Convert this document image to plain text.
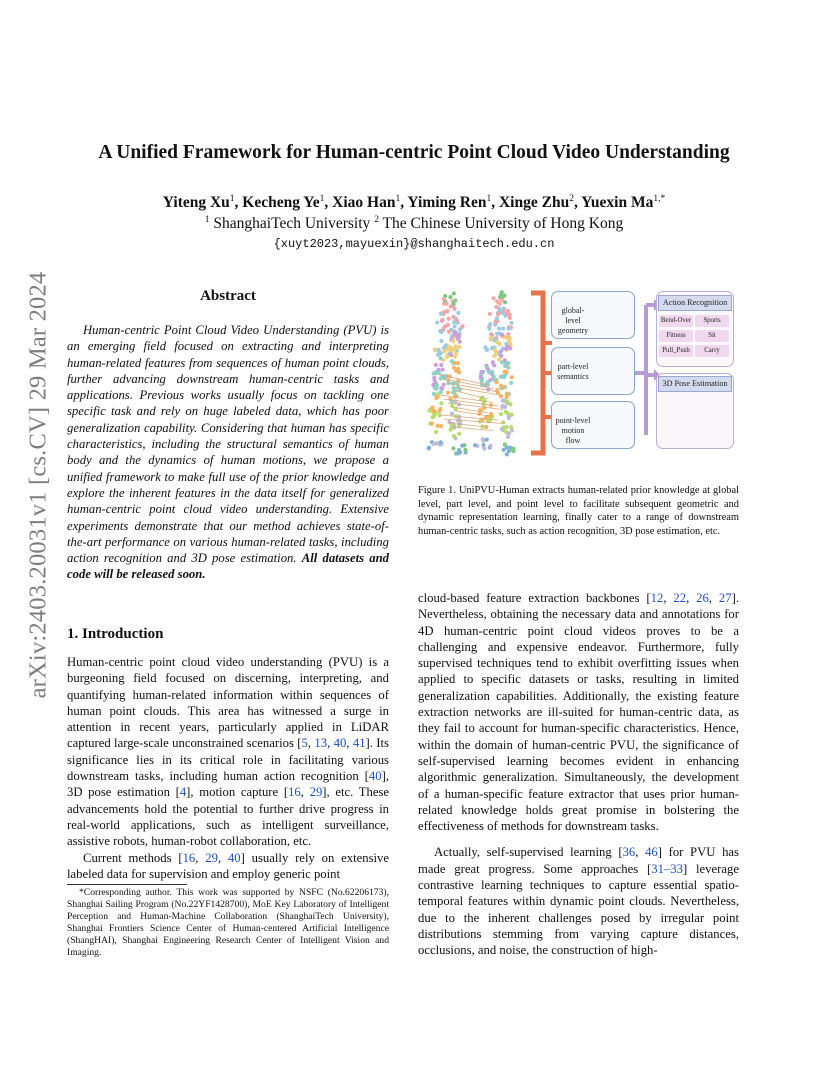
arXiv:2403.20031v1 [cs.CV] 29 Mar 2024
A Unified Framework for Human-centric Point Cloud Video Understanding
Yiteng Xu$^1$, Kecheng Ye$^1$, Xiao Han$^1$, Yiming Ren$^1$, Xinge Zhu$^2$, Yuexin $Ma^{1,*}$
$^1$ ShanghaiTech University $^2$ The Chinese University of Hong Kong
{xuyt2023,mayuexin}@shanghaitech.edu.cn
Abstract

Human-centric Point Cloud Video Understanding (PVU) is an emerging field focused on extracting and interpreting human-related features from sequences of human point clouds, further advancing downstream human-centric tasks and applications. Previous works usually focus on tackling one specific task and rely on huge labeled data, which has poor generalization capability. Considering that human has specific characteristics, including the structural semantics of human body and the dynamics of human motions, we propose a unified framework to make full use of the prior knowledge and explore the inherent features in the data itself for generalized human-centric point cloud video understanding. Extensive experiments demonstrate that our method achieves state-of-the-art performance on various human-related tasks, including action recognition and 3D pose estimation. All datasets and code will be released soon.

1. Introduction

Human-centric point cloud video understanding (PVU) is a burgeoning field focused on discerning, interpreting, and quantifying human-related information within sequences of human point clouds. This area has witnessed a surge in attention in recent years, particularly applied in LiDAR captured large-scale unconstrained scenarios [5, 13, 40, 41]. Its significance lies in its critical role in facilitating various downstream tasks, including human action recognition [40], 3D pose estimation [4], motion capture [16, 29], etc. These advancements hold the potential to further drive progress in real-world applications, such as intelligent surveillance, assistive robots, human-robot collaboration, etc.

Current methods [16, 29, 40] usually rely on extensive labeled data for supervision and employ generic point

*Corresponding author. This work was supported by NSFC (No.62206173), Shanghai Sailing Program (No.22YF1428700), MoE Key Laboratory of Intelligent Perception and Human-Machine Collaboration (ShanghaiTech University), Shanghai Frontiers Science Center of Human-centered Artificial Intelligence (ShangHAI), Shanghai Engineering Research Center of Intelligent Vision and Imaging.

global-level geometry
part-level semantics
point-level motion flow
Action Recognition
Bend-Over	Sports
Fitness	Sit
Pull_Push	Carry
3D Pose Estimation
Figure 1. UniPVU-Human extracts human-related prior knowledge at global level, part level, and point level to facilitate subsequent geometric and dynamic representation learning, finally cater to a range of downstream human-centric tasks, such as action recognition, 3D pose estimation, etc.

cloud-based feature extraction backbones [12, 22, 26, 27]. Nevertheless, obtaining the necessary data and annotations for 4D human-centric point cloud videos proves to be a challenging and expensive endeavor. Furthermore, fully supervised techniques tend to exhibit overfitting issues when applied to specific datasets or tasks, resulting in limited generalization capabilities. Additionally, the existing feature extraction networks are ill-suited for human-centric data, as they fail to account for human-specific characteristics. Hence, within the domain of human-centric PVU, the significance of self-supervised learning becomes evident in enhancing algorithmic generalization. Simultaneously, the development of a human-specific feature extractor that uses prior human-related knowledge holds great promise in bolstering the effectiveness of methods for downstream tasks.

Actually, self-supervised learning [36, 46] for PVU has made great progress. Some approaches [31–33] leverage contrastive learning techniques to capture essential spatio-temporal features within dynamic point clouds. Nevertheless, due to the inherent challenges posed by irregular point distributions stemming from varying capture distances, occlusions, and noise, the construction of high-
